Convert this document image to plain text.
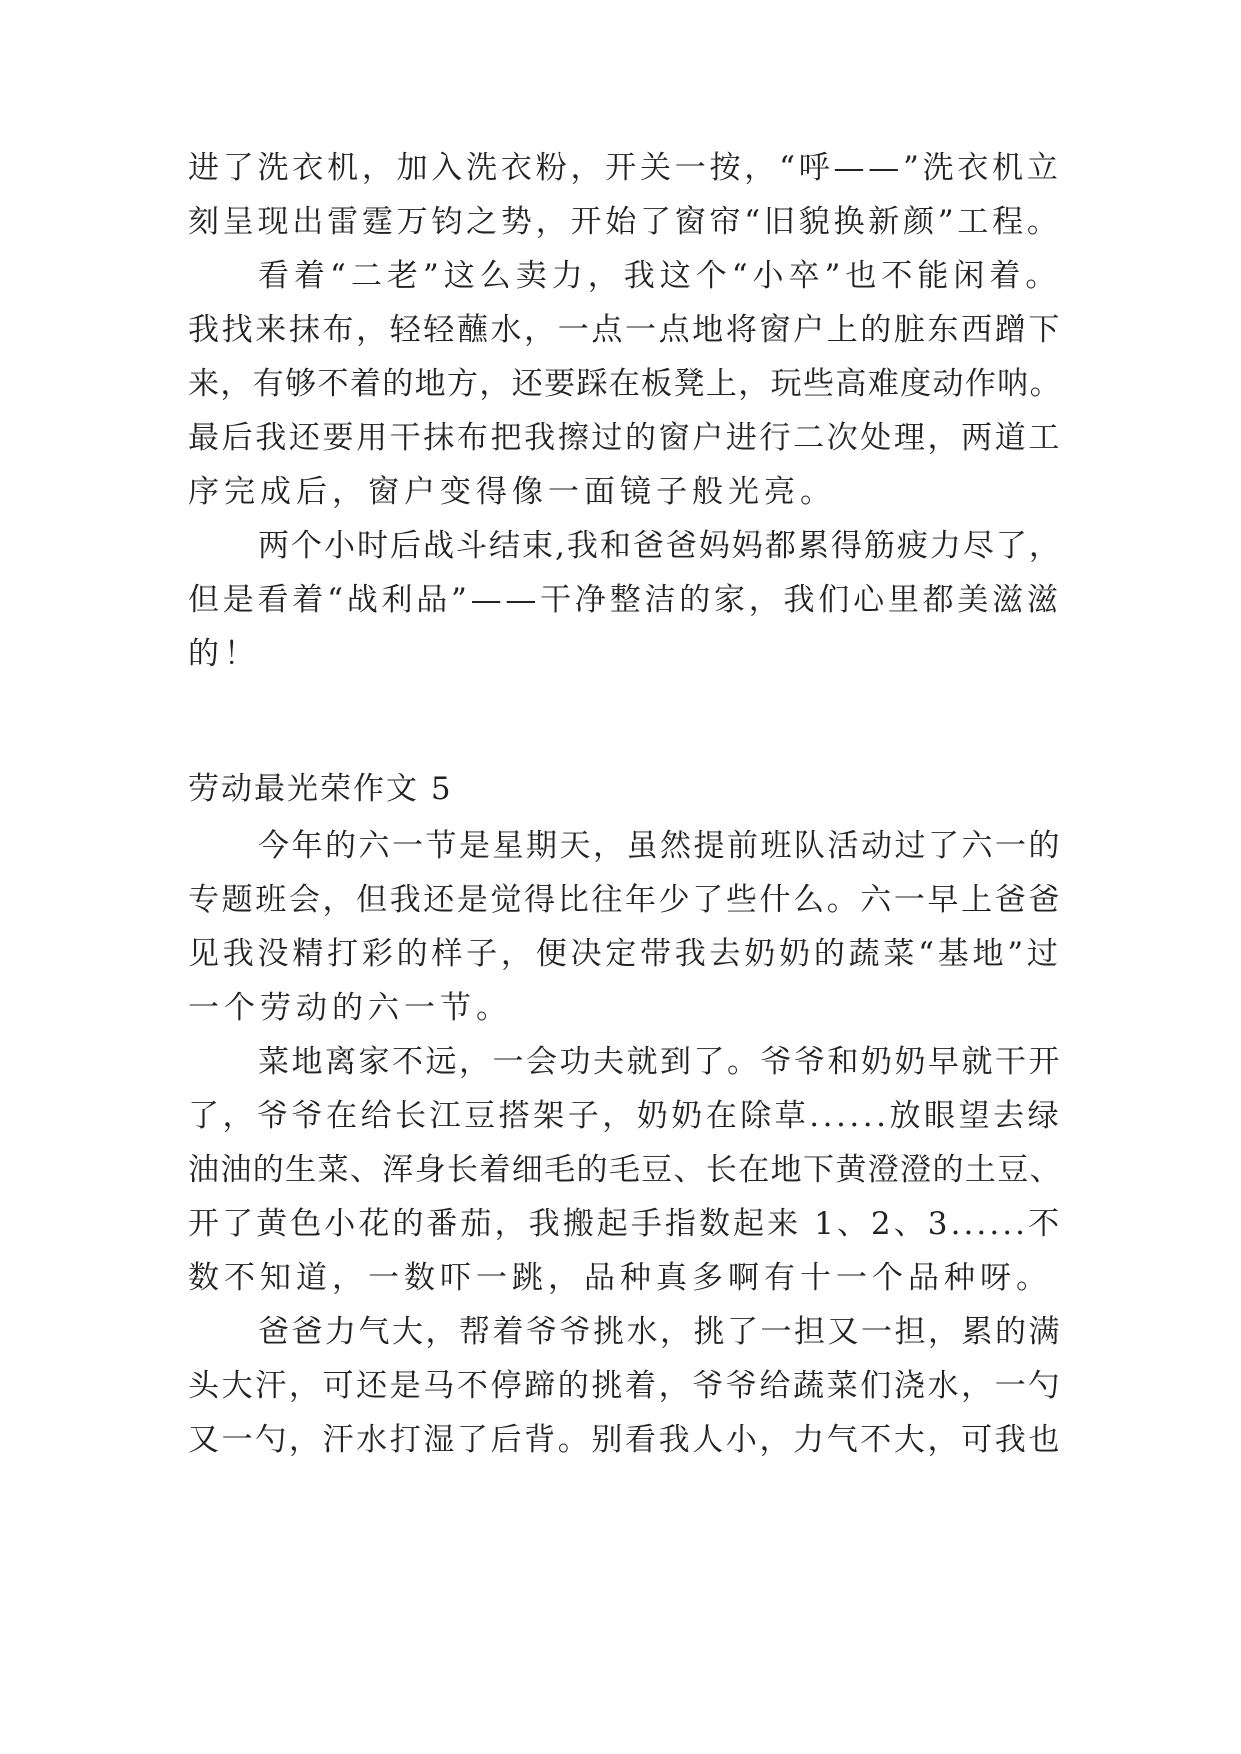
进了洗衣机，加入洗衣粉，开关一按，“呼——”洗衣机立
刻呈现出雷霆万钧之势，开始了窗帘“旧貌换新颜”工程。
看着“二老”这么卖力，我这个“小卒”也不能闲着。
我找来抹布，轻轻蘸水，一点一点地将窗户上的脏东西蹭下
来，有够不着的地方，还要踩在板凳上，玩些高难度动作呐。
最后我还要用干抹布把我擦过的窗户进行二次处理，两道工
序完成后，窗户变得像一面镜子般光亮。
两个小时后战斗结束,我和爸爸妈妈都累得筋疲力尽了，
但是看着“战利品”——干净整洁的家，我们心里都美滋滋
的！
劳动最光荣作文 5
今年的六一节是星期天，虽然提前班队活动过了六一的
专题班会，但我还是觉得比往年少了些什么。六一早上爸爸
见我没精打彩的样子，便决定带我去奶奶的蔬菜“基地”过
一个劳动的六一节。
菜地离家不远，一会功夫就到了。爷爷和奶奶早就干开
了，爷爷在给长江豆搭架子，奶奶在除草......放眼望去绿
油油的生菜、浑身长着细毛的毛豆、长在地下黄澄澄的土豆、
开了黄色小花的番茄，我搬起手指数起来 1、2、3......不
数不知道，一数吓一跳，品种真多啊有十一个品种呀。
爸爸力气大，帮着爷爷挑水，挑了一担又一担，累的满
头大汗，可还是马不停蹄的挑着，爷爷给蔬菜们浇水，一勺
又一勺，汗水打湿了后背。别看我人小，力气不大，可我也
